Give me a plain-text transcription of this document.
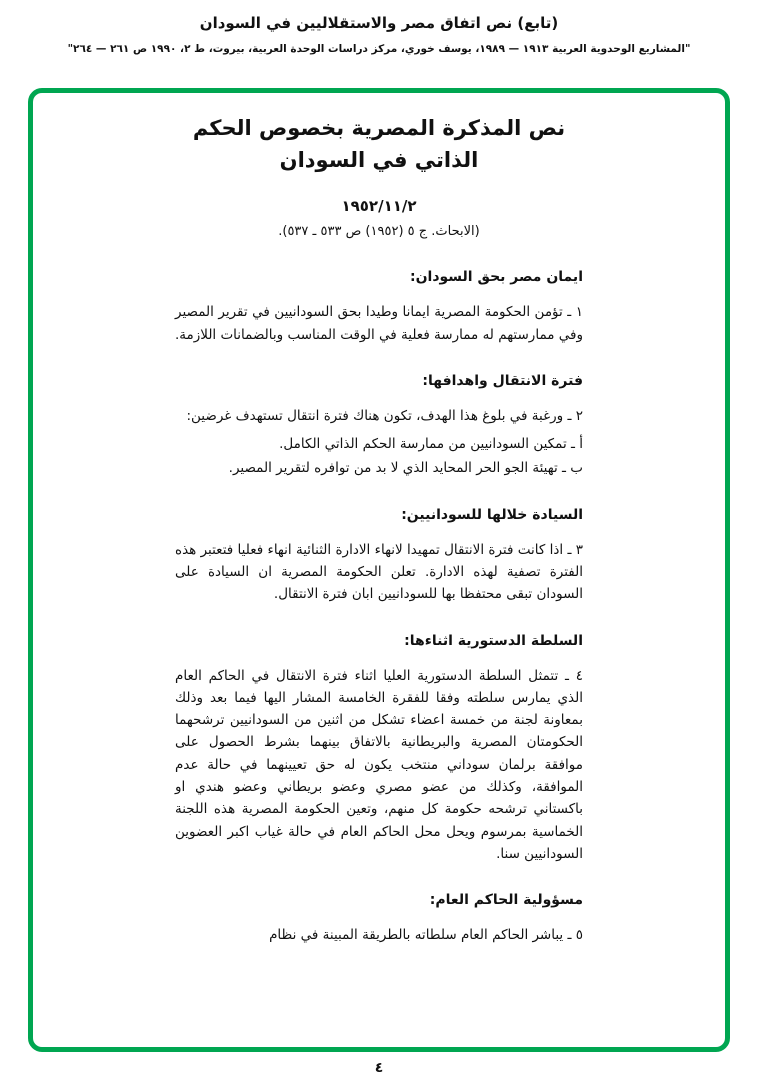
(تابع) نص اتفاق مصر والاستقلاليين في السودان
"المشاريع الوحدوية العربية ١٩١٣ — ١٩٨٩، يوسف خوري، مركز دراسات الوحدة العربية، بيروت، ط ٢، ١٩٩٠ ص ٢٦١ — ٢٦٤"
نص المذكرة المصرية بخصوص الحكم
الذاتي في السودان
١٩٥٢/١١/٢
(الابحاث. ج ٥ (١٩٥٢) ص ٥٣٣ ـ ٥٣٧).
ايمان مصر بحق السودان:

١ ـ تؤمن الحكومة المصرية ايمانا وطيدا بحق السودانيين في تقرير المصير وفي ممارستهم له ممارسة فعلية في الوقت المناسب وبالضمانات اللازمة.

فترة الانتقال واهدافها:

٢ ـ ورغبة في بلوغ هذا الهدف، تكون هناك فترة انتقال تستهدف غرضين:

أ ـ تمكين السودانيين من ممارسة الحكم الذاتي الكامل.

ب ـ تهيئة الجو الحر المحايد الذي لا بد من توافره لتقرير المصير.

السيادة خلالها للسودانيين:

٣ ـ اذا كانت فترة الانتقال تمهيدا لانهاء الادارة الثنائية انهاء فعليا فتعتبر هذه الفترة تصفية لهذه الادارة. تعلن الحكومة المصرية ان السيادة على السودان تبقى محتفظا بها للسودانيين ابان فترة الانتقال.

السلطة الدستورية اثناءها:

٤ ـ تتمثل السلطة الدستورية العليا اثناء فترة الانتقال في الحاكم العام الذي يمارس سلطته وفقا للفقرة الخامسة المشار اليها فيما بعد وذلك بمعاونة لجنة من خمسة اعضاء تشكل من اثنين من السودانيين ترشحهما الحكومتان المصرية والبريطانية بالاتفاق بينهما بشرط الحصول على موافقة برلمان سوداني منتخب يكون له حق تعيينهما في حالة عدم الموافقة، وكذلك من عضو مصري وعضو بريطاني وعضو هندي او باكستاني ترشحه حكومة كل منهم، وتعين الحكومة المصرية هذه اللجنة الخماسية بمرسوم ويحل محل الحاكم العام في حالة غياب اكبر العضوين السودانيين سنا.

مسؤولية الحاكم العام:

٥ ـ يباشر الحاكم العام سلطاته بالطريقة المبينة في نظام

٤
